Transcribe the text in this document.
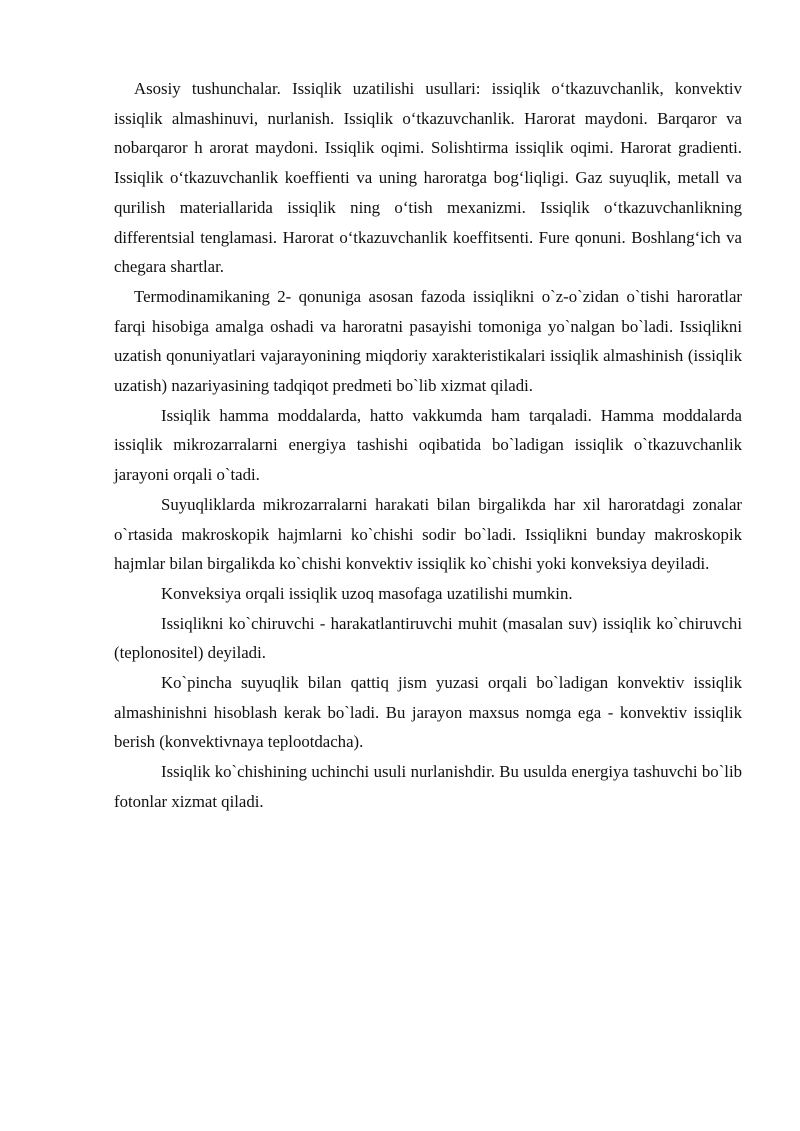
Asosiy tushunchalar. Issiqlik uzatilishi usullari: issiqlik o‘tkazuvchanlik, konvektiv issiqlik almashinuvi, nurlanish. Issiqlik o‘tkazuvchanlik. Harorat maydoni. Barqaror va nobarqaror h arorat maydoni. Issiqlik oqimi. Solishtirma issiqlik oqimi. Harorat gradienti. Issiqlik o‘tkazuvchanlik koeffienti va uning haroratga bog‘liqligi. Gaz suyuqlik, metall va qurilish materiallarida issiqlik ning o‘tish mexanizmi. Issiqlik o‘tkazuvchanlikning differentsial tenglamasi. Harorat o‘tkazuvchanlik koeffitsenti. Fure qonuni. Boshlang‘ich va chegara shartlar.

Termodinamikaning 2- qonuniga asosan fazoda issiqlikni o`z-o`zidan o`tishi haroratlar farqi hisobiga amalga oshadi va haroratni pasayishi tomoniga yo`nalgan bo`ladi. Issiqlikni uzatish qonuniyatlari vajarayonining miqdoriy xarakteristikalari issiqlik almashinish (issiqlik uzatish) nazariyasining tadqiqot predmeti bo`lib xizmat qiladi.

Issiqlik hamma moddalarda, hatto vakkumda ham tarqaladi. Hamma moddalarda issiqlik mikrozarralarni energiya tashishi oqibatida bo`ladigan issiqlik o`tkazuvchanlik jarayoni orqali o`tadi.

Suyuqliklarda mikrozarralarni harakati bilan birgalikda har xil haroratdagi zonalar o`rtasida makroskopik hajmlarni ko`chishi sodir bo`ladi. Issiqlikni bunday makroskopik hajmlar bilan birgalikda ko`chishi konvektiv issiqlik ko`chishi yoki konveksiya deyiladi.

Konveksiya orqali issiqlik uzoq masofaga uzatilishi mumkin.

Issiqlikni ko`chiruvchi - harakatlantiruvchi muhit (masalan suv) issiqlik ko`chiruvchi (teplonositel) deyiladi.

Ko`pincha suyuqlik bilan qattiq jism yuzasi orqali bo`ladigan konvektiv issiqlik almashinishni hisoblash kerak bo`ladi. Bu jarayon maxsus nomga ega - konvektiv issiqlik berish (konvektivnaya teplootdacha).

Issiqlik ko`chishining uchinchi usuli nurlanishdir. Bu usulda energiya tashuvchi bo`lib fotonlar xizmat qiladi.
